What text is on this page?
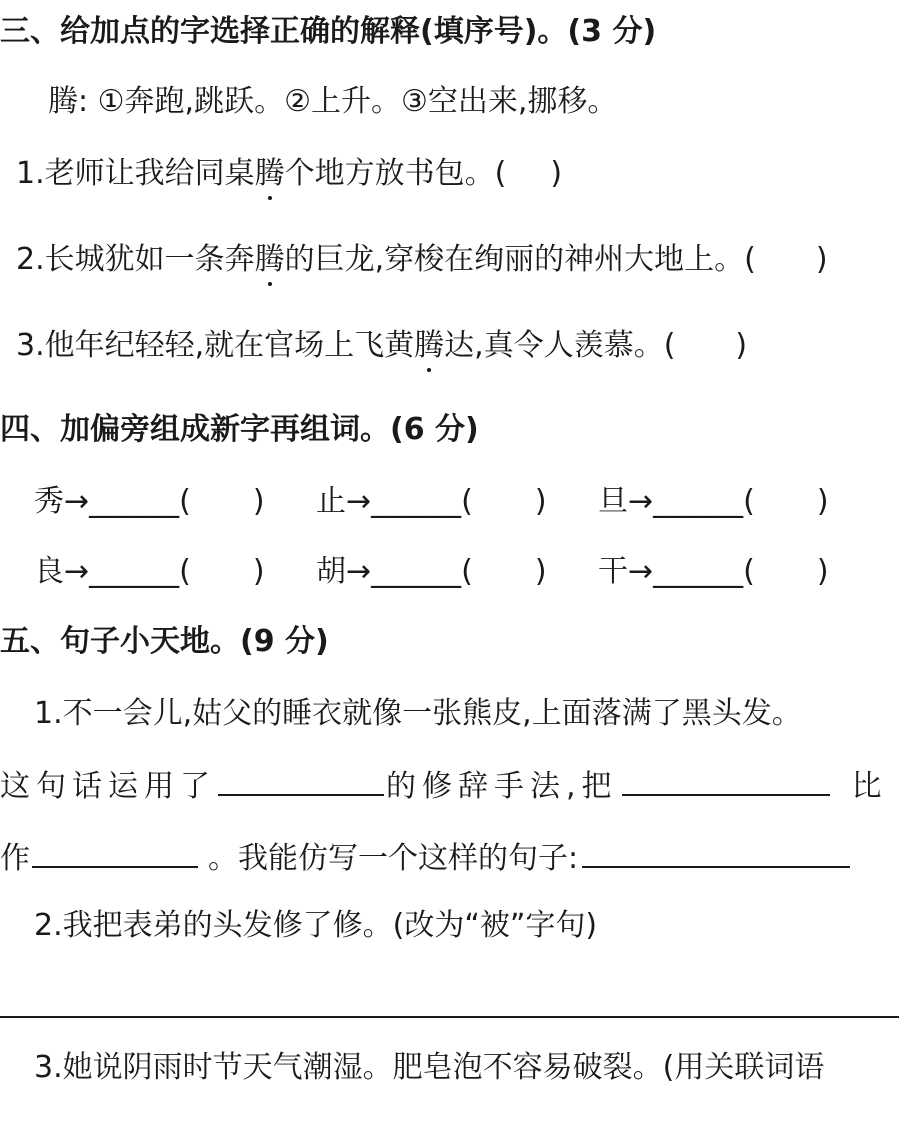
三、给加点的字选择正确的解释(填序号)。(3 分)
腾: ①奔跑,跳跃。②上升。③空出来,挪移。
1.老师让我给同桌腾个地方放书包。( )
2.长城犹如一条奔腾的巨龙,穿梭在绚丽的神州大地上。( )
3.他年纪轻轻,就在官场上飞黄腾达,真令人羡慕。( )
四、加偏旁组成新字再组词。(6 分)
秀→______( ) 止→______( ) 旦→______( )
良→______( ) 胡→______( ) 干→______( )
五、句子小天地。(9 分)
1.不一会儿,姑父的睡衣就像一张熊皮,上面落满了黑头发。
这句话运用了	的修辞手法,把	比
作	。我能仿写一个这样的句子:
2.我把表弟的头发修了修。(改为“被”字句)
3.她说阴雨时节天气潮湿。肥皂泡不容易破裂。(用关联词语
